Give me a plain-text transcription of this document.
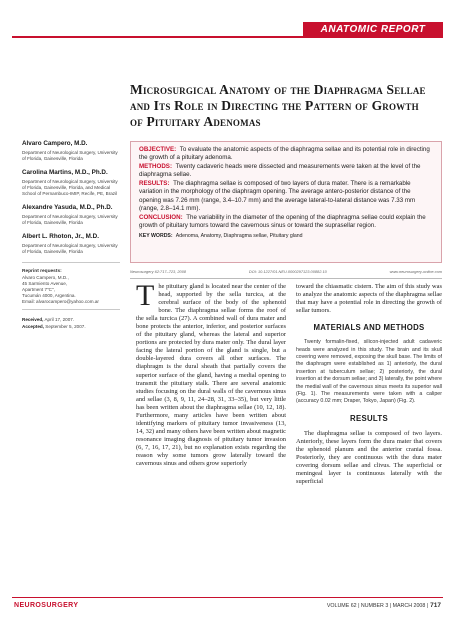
ANATOMIC REPORT
Microsurgical Anatomy of the Diaphragma Sellae and Its Role in Directing the Pattern of Growth of Pituitary Adenomas
Alvaro Campero, M.D.
Department of Neurological Surgery, University of Florida, Gainesville, Florida
Carolina Martins, M.D., Ph.D.
Department of Neurological Surgery, University of Florida, Gainesville, Florida, and Medical School of Pernambuco-IMIP, Recife, PE, Brazil
Alexandre Yasuda, M.D., Ph.D.
Department of Neurological Surgery, University of Florida, Gainesville, Florida
Albert L. Rhoton, Jr., M.D.
Department of Neurological Surgery, University of Florida, Gainesville, Florida
Reprint requests:
Alvaro Campero, M.D.,
45 Sarmiento Avenue,
Apartment 7"C",
Tucumán 4000, Argentina.
Email: alvarocampero@yahoo.com.ar
Received, April 17, 2007.
Accepted, September 5, 2007.
OBJECTIVE: To evaluate the anatomic aspects of the diaphragma sellae and its potential role in directing the growth of a pituitary adenoma.
METHODS: Twenty cadaveric heads were dissected and measurements were taken at the level of the diaphragma sellae.
RESULTS: The diaphragma sellae is composed of two layers of dura mater. There is a remarkable variation in the morphology of the diaphragm opening. The average antero-posterior distance of the opening was 7.26 mm (range, 3.4–10.7 mm) and the average lateral-to-lateral distance was 7.33 mm (range, 2.8–14.1 mm).
CONCLUSION: The variability in the diameter of the opening of the diaphragma sellae could explain the growth of pituitary tumors toward the cavernous sinus or toward the suprasellar region.
KEY WORDS: Adenoma, Anatomy, Diaphragma sellae, Pituitary gland
Neurosurgery 62:717–723, 2008	DOI: 10.1227/01.NEU.0000297123.00882.10	www.neurosurgery-online.com

The pituitary gland is located near the center of the head, supported by the sella turcica, at the cerebral surface of the body of the sphenoid bone. The diaphragma sellae forms the roof of the sella turcica (27). A combined wall of dura mater and bone protects the anterior, inferior, and posterior surfaces of the pituitary gland, whereas the lateral and superior portions are protected by dura mater only. The dural layer facing the lateral portion of the gland is single, but a double-layered dura covers all other surfaces. The diaphragm is the dural sheath that partially covers the superior surface of the gland, having a medial opening to transmit the pituitary stalk. There are several anatomic studies focusing on the dural walls of the cavernous sinus and sellae (3, 8, 9, 11, 24–28, 31, 33–35), but very little has been written about the diaphragma sellae (10, 12, 18). Furthermore, many articles have been written about identifying markers of pituitary tumor invasiveness (13, 14, 32) and many others have been written about magnetic resonance imaging diagnosis of pituitary tumor invasion (6, 7, 16, 17, 21), but no explanation exists regarding the reason why some tumors grow laterally toward the cavernous sinus and others grow superiorly

toward the chiasmatic cistern. The aim of this study was to analyze the anatomic aspects of the diaphragma sellae that may have a potential role in directing the growth of sellar tumors.

MATERIALS AND METHODS

Twenty formalin-fixed, silicon-injected adult cadaveric heads were analyzed in this study. The brain and its skull covering were removed, exposing the skull base. The limits of the diaphragm were established as 1) anteriorly, the dural insertion at tuberculum sellae; 2) posteriorly, the dural insertion at the dorsum sellae; and 3) laterally, the point where the medial wall of the cavernous sinus meets its superior wall (Fig. 1). The measurements were taken with a caliper (accuracy 0.02 mm; Draper, Tokyo, Japan) (Fig. 2).

RESULTS

The diaphragma sellae is composed of two layers. Anteriorly, these layers form the dura mater that covers the sphenoid planum and the anterior cranial fossa. Posteriorly, they are continuous with the dura mater covering dorsum sellae and clivus. The superficial or meningeal layer is continuous laterally with the superficial

NEUROSURGERY	VOLUME 62 | NUMBER 3 | MARCH 2008 | 717
